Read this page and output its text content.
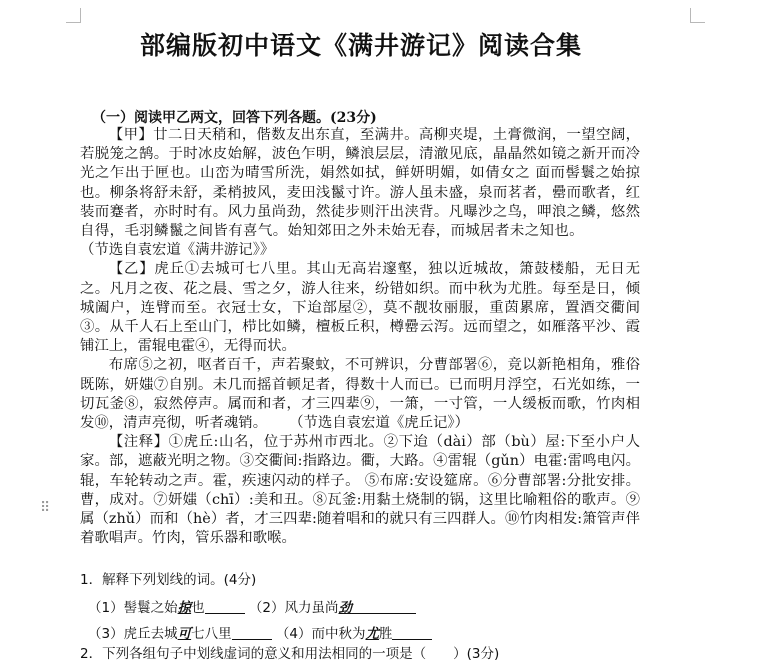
⠿
部编版初中语文《满井游记》阅读合集
（一）阅读甲乙两文，回答下列各题。(23分)

【甲】廿二日天稍和，偕数友出东直，至满井。高柳夹堤，土膏微润，一望空阔，若脱笼之鹄。于时冰皮始解，波色乍明，鳞浪层层，清澈见底，晶晶然如镜之新开而冷光之乍出于匣也。山峦为晴雪所洗，娟然如拭，鲜妍明媚，如倩女之 面而髻鬟之始掠也。柳条将舒未舒，柔梢披风，麦田浅鬣寸许。游人虽未盛，泉而茗者，罍而歌者，红装而蹇者，亦时时有。风力虽尚劲，然徒步则汗出浃背。凡曝沙之鸟，呷浪之鳞，悠然自得，毛羽鳞鬣之间皆有喜气。始知郊田之外未始无春，而城居者未之知也。（节选自袁宏道《满井游记》》

【乙】虎丘①去城可七八里。其山无高岩邃壑，独以近城故，箫鼓楼船，无日无之。凡月之夜、花之晨、雪之夕，游人往来，纷错如织。而中秋为尤胜。每至是日，倾城阖户，连臂而至。衣冠士女，下迨部屋②，莫不靓妆丽服，重茵累席，置酒交衢间③。从千人石上至山门，栉比如鳞，檀板丘积，樽罍云泻。远而望之，如雁落平沙、霞铺江上，雷辊电霍④，无得而状。

布席⑤之初，呕者百千，声若聚蚊，不可辨识，分曹部署⑥，竞以新艳相角，雅俗既陈，妍媸⑦自别。未几而摇首顿足者，得数十人而已。已而明月浮空，石光如练，一切瓦釜⑧，寂然停声。属而和者，才三四辈⑨，一箫，一寸管，一人缓板而歌，竹肉相发⑩，清声亮彻，听者魂销。 （节选自袁宏道《虎丘记》）

【注释】①虎丘:山名，位于苏州市西北。②下迨（dài）部（bù）屋:下至小户人家。部，遮蔽光明之物。③交衢间:指路边。衢，大路。④雷辊（gǔn）电霍:雷鸣电闪。辊，车轮转动之声。霍，疾速闪动的样子。 ⑤布席:安设筵席。⑥分曹部署:分批安排。曹，成对。⑦妍媸（chī）:美和丑。⑧瓦釜:用黏土烧制的锅，这里比喻粗俗的歌声。⑨属（zhǔ）而和（hè）者，才三四辈:随着唱和的就只有三四群人。⑩竹肉相发:箫管声伴着歌唱声。竹肉，管乐器和歌喉。

1．解释下列划线的词。(4分)
（1）髻鬟之始掠也	（2）风力虽尚劲
（3）虎丘去城可七八里	（4）而中秋为尤胜
2．下列各组句子中划线虚词的意义和用法相同的一项是（　　）(3分)
